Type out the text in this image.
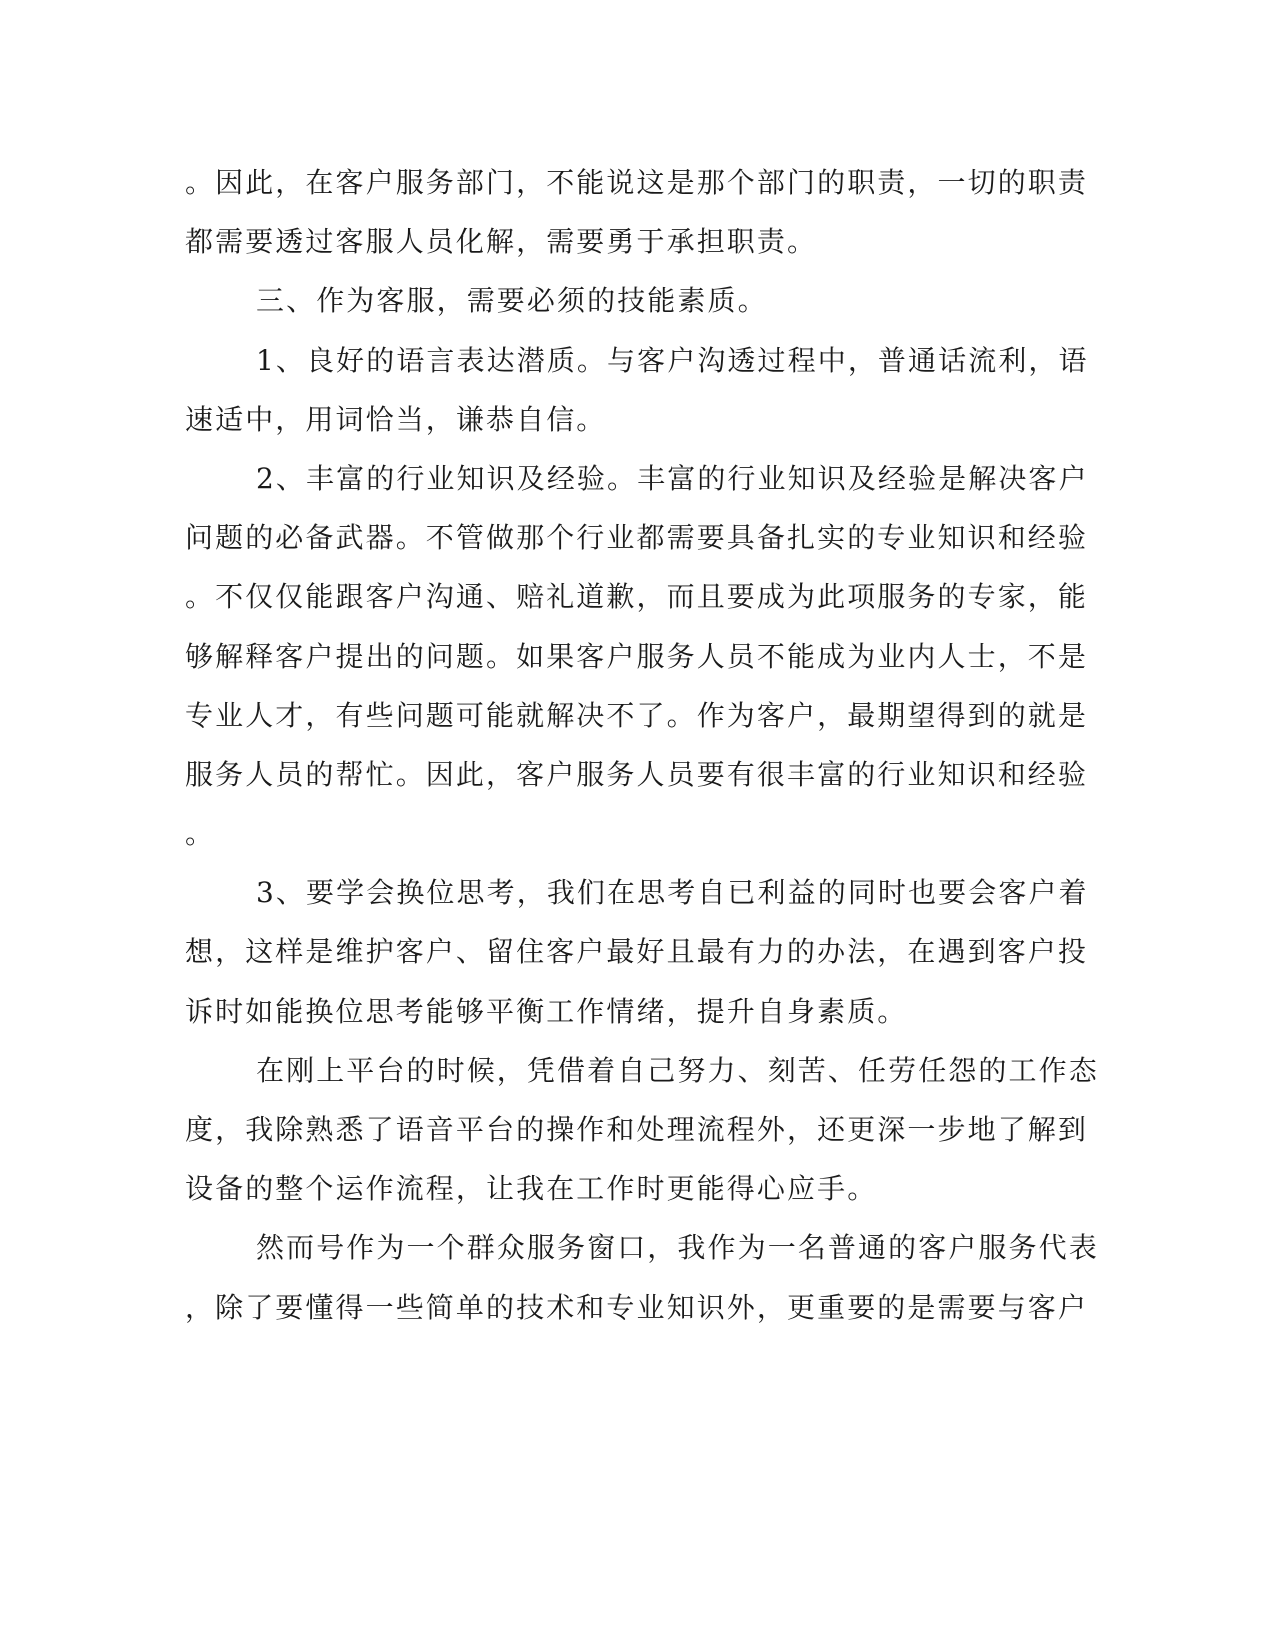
。因此，在客户服务部门，不能说这是那个部门的职责，一切的职责
都需要透过客服人员化解，需要勇于承担职责。
三、作为客服，需要必须的技能素质。
1、良好的语言表达潜质。与客户沟透过程中，普通话流利，语
速适中，用词恰当，谦恭自信。
2、丰富的行业知识及经验。丰富的行业知识及经验是解决客户
问题的必备武器。不管做那个行业都需要具备扎实的专业知识和经验
。不仅仅能跟客户沟通、赔礼道歉，而且要成为此项服务的专家，能
够解释客户提出的问题。如果客户服务人员不能成为业内人士，不是
专业人才，有些问题可能就解决不了。作为客户，最期望得到的就是
服务人员的帮忙。因此，客户服务人员要有很丰富的行业知识和经验
。
3、要学会换位思考，我们在思考自已利益的同时也要会客户着
想，这样是维护客户、留住客户最好且最有力的办法，在遇到客户投
诉时如能换位思考能够平衡工作情绪，提升自身素质。
在刚上平台的时候，凭借着自己努力、刻苦、任劳任怨的工作态
度，我除熟悉了语音平台的操作和处理流程外，还更深一步地了解到
设备的整个运作流程，让我在工作时更能得心应手。
然而号作为一个群众服务窗口，我作为一名普通的客户服务代表
，除了要懂得一些简单的技术和专业知识外，更重要的是需要与客户
